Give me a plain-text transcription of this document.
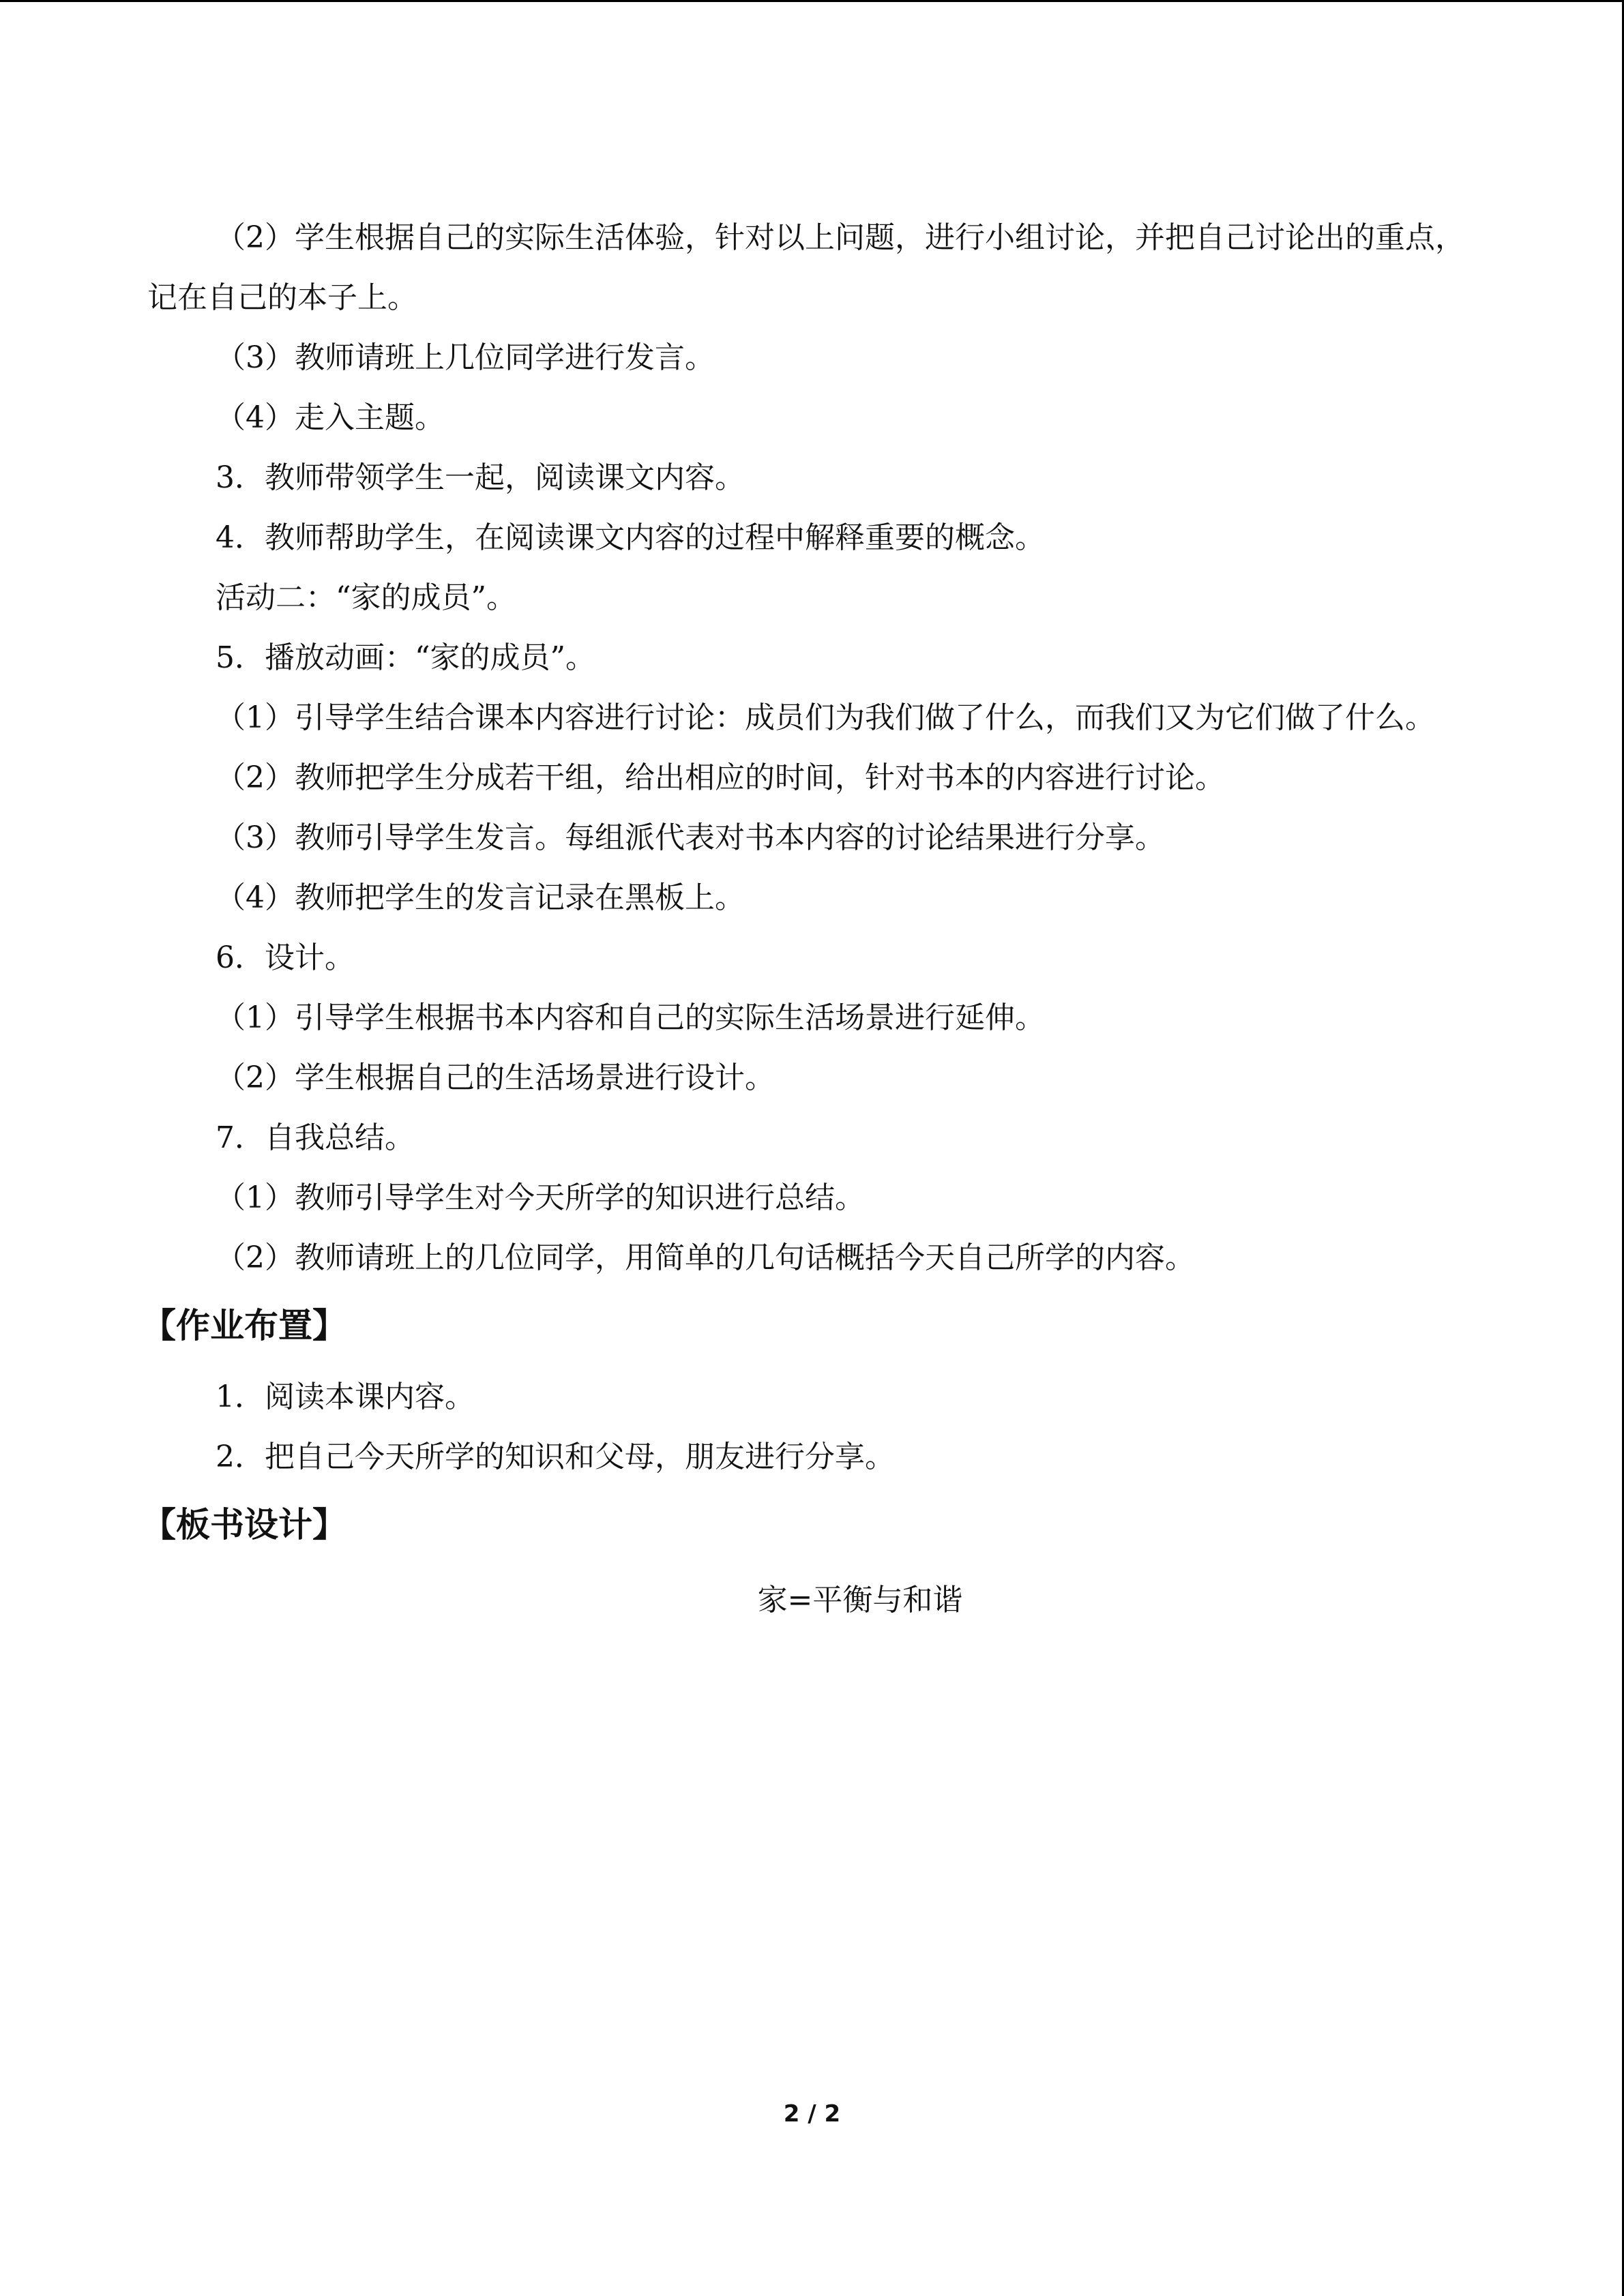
（2）学生根据自己的实际生活体验，针对以上问题，进行小组讨论，并把自己讨论出的重点，记在自己的本子上。

（3）教师请班上几位同学进行发言。

（4）走入主题。

3．教师带领学生一起，阅读课文内容。

4．教师帮助学生，在阅读课文内容的过程中解释重要的概念。

活动二：“家的成员”。

5．播放动画：“家的成员”。

（1）引导学生结合课本内容进行讨论：成员们为我们做了什么，而我们又为它们做了什么。

（2）教师把学生分成若干组，给出相应的时间，针对书本的内容进行讨论。

（3）教师引导学生发言。每组派代表对书本内容的讨论结果进行分享。

（4）教师把学生的发言记录在黑板上。

6．设计。

（1）引导学生根据书本内容和自己的实际生活场景进行延伸。

（2）学生根据自己的生活场景进行设计。

7．自我总结。

（1）教师引导学生对今天所学的知识进行总结。

（2）教师请班上的几位同学，用简单的几句话概括今天自己所学的内容。

【作业布置】

1．阅读本课内容。

2．把自己今天所学的知识和父母，朋友进行分享。

【板书设计】

家=平衡与和谐

2 / 2
